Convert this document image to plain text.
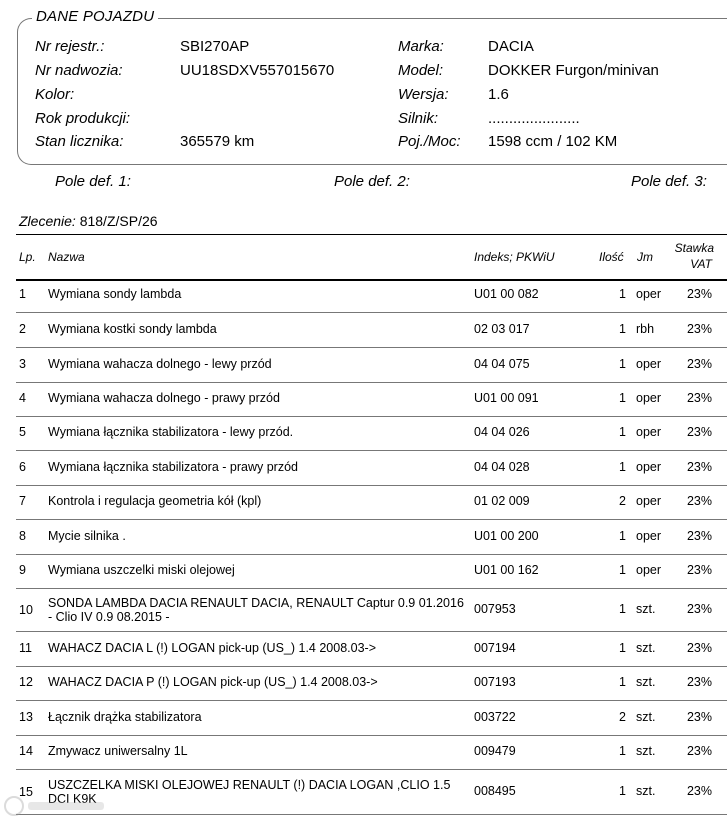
DANE POJAZDU
Nr rejestr.:	SBI270AP
Nr nadwozia:	UU18SDXV557015670
Kolor:
Rok produkcji:
Stan licznika:	365579 km
Marka:	DACIA
Model:	DOKKER Furgon/minivan
Wersja:	1.6
Silnik:	......................
Poj./Moc: 1598 ccm / 102 KM
Pole def. 1:	Pole def. 2:	Pole def. 3:
Zlecenie: 818/Z/SP/26
Lp. Nazwa	Indeks; PKWiU	Ilość Jm
Stawka
VAT
1 Wymiana sondy lambda	U01 00 082	1 oper	23%
2 Wymiana kostki sondy lambda	02 03 017	1 rbh	23%
3 Wymiana wahacza dolnego - lewy przód	04 04 075	1 oper	23%
4 Wymiana wahacza dolnego - prawy przód	U01 00 091	1 oper	23%
5 Wymiana łącznika stabilizatora - lewy przód.	04 04 026	1 oper	23%
6 Wymiana łącznika stabilizatora - prawy przód	04 04 028	1 oper	23%
7 Kontrola i regulacja geometria kół (kpl)	01 02 009	2 oper	23%
8 Mycie silnika .	U01 00 200	1 oper	23%
9 Wymiana uszczelki miski olejowej	U01 00 162	1 oper	23%
10 SONDA LAMBDA DACIA RENAULT DACIA, RENAULT Captur 0.9 01.2016 - Clio IV 0.9 08.2015 -
007953	1 szt.	23%
11 WAHACZ DACIA L (!) LOGAN pick-up (US_) 1.4 2008.03->	007194	1 szt.	23%
12 WAHACZ DACIA P (!) LOGAN pick-up (US_) 1.4 2008.03->	007193	1 szt.	23%
13 Łącznik drążka stabilizatora	003722	2 szt.	23%
14 Zmywacz uniwersalny 1L	009479	1 szt.	23%
15 USZCZELKA MISKI OLEJOWEJ RENAULT (!) DACIA LOGAN ,CLIO 1.5 DCI K9K
008495	1 szt.	23%
